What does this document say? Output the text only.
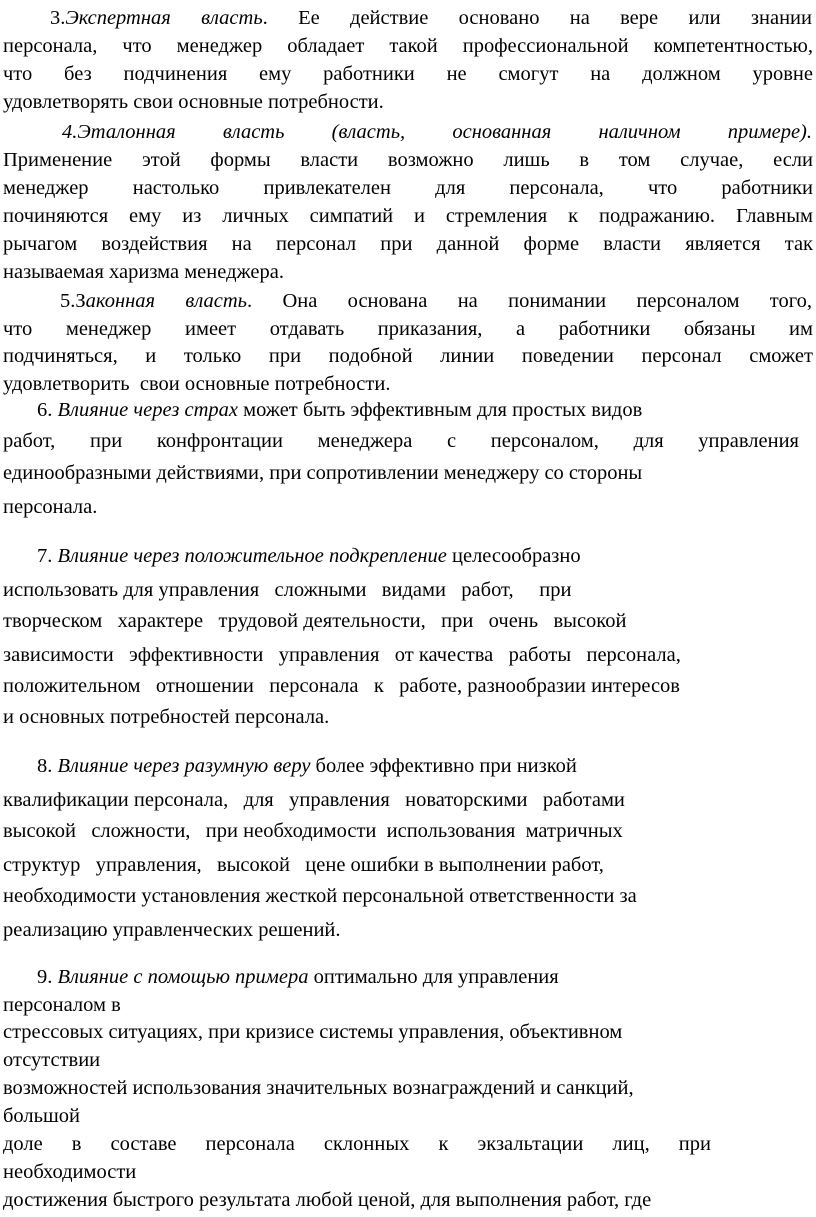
3.Экспертная власть. Ее действие основано на вере или знании
персонала, что менеджер обладает такой профессиональной компетентностью,
что без подчинения ему работники не смогут на должном уровне
удовлетворять свои основные потребности.
4.Эталонная власть (власть, основанная наличном примере).
Применение этой формы власти возможно лишь в том случае, если
менеджер настолько привлекателен для персонала, что работники
починяются ему из личных симпатий и стремления к подражанию. Главным
рычагом воздействия на персонал при данной форме власти является так
называемая харизма менеджера.
5.Законная власть. Она основана на понимании персоналом того,
что менеджер имеет отдавать приказания, а работники обязаны им
подчиняться, и только при подобной линии поведении персонал сможет
удовлетворить  свои основные потребности.
6. Влияние через страх может быть эффективным для простых видов
работ, при конфронтации менеджера с персоналом, для управления
единообразными действиями, при сопротивлении менеджеру со стороны
персонала.
7. Влияние через положительное подкрепление целесообразно
использовать для управления   сложными   видами   работ,     при
творческом   характере   трудовой деятельности,   при   очень   высокой
зависимости   эффективности   управления   от качества   работы   персонала,
положительном   отношении   персонала   к   работе, разнообразии интересов
и основных потребностей персонала.
8. Влияние через разумную веру более эффективно при низкой
квалификации персонала,   для   управления   новаторскими   работами
высокой   сложности,   при необходимости  использования  матричных
структур   управления,   высокой   цене ошибки в выполнении работ,
необходимости установления жесткой персональной ответственности за
реализацию управленческих решений.
9. Влияние с помощью примера оптимально для управления
персоналом в
стрессовых ситуациях, при кризисе системы управления, объективном
отсутствии
возможностей использования значительных вознаграждений и санкций,
большой
доле в составе персонала склонных к экзальтации лиц, при
необходимости
достижения быстрого результата любой ценой, для выполнения работ, где
